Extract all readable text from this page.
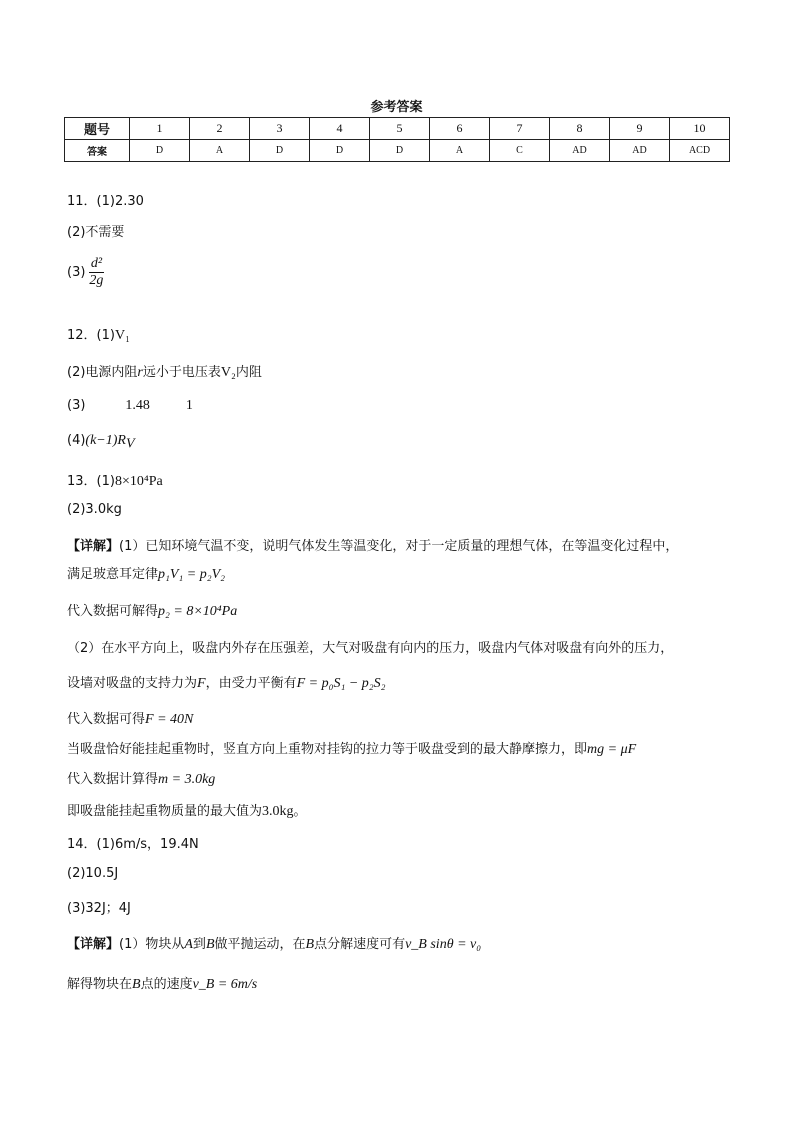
参考答案
题号	1	2	3	4	5	6	7	8	9	10
答案	D	A	D	D	D	A	C	AD	AD	ACD
11．(1)2.30
(2)不需要
$(3) \frac{\text{d²}}{2g}$
12．(1)V₁
(2)电源内阻r远小于电压表V₂内阻
(3)	1.48	1
$(4)(k-1)R_V$
13．(1)8×10⁴Pa
(2)3.0kg
【详解】(1）已知环境气温不变，说明气体发生等温变化，对于一定质量的理想气体，在等温变化过程中，
满足玻意耳定律p₁V₁ = p₂V₂
代入数据可解得p₂ = 8×10⁴Pa
（2）在水平方向上，吸盘内外存在压强差，大气对吸盘有向内的压力，吸盘内气体对吸盘有向外的压力，
设墙对吸盘的支持力为F，由受力平衡有F = p₀S₁ − p₂S₂
代入数据可得F = 40N
当吸盘恰好能挂起重物时，竖直方向上重物对挂钩的拉力等于吸盘受到的最大静摩擦力，即mg = μF
代入数据计算得m = 3.0kg
即吸盘能挂起重物质量的最大值为3.0kg。
14．(1)6m/s，19.4N
(2)10.5J
(3)32J；4J
【详解】(1）物块从A到B做平抛运动，在B点分解速度可有v_B sinθ = v₀
解得物块在B点的速度v_B = 6m/s
